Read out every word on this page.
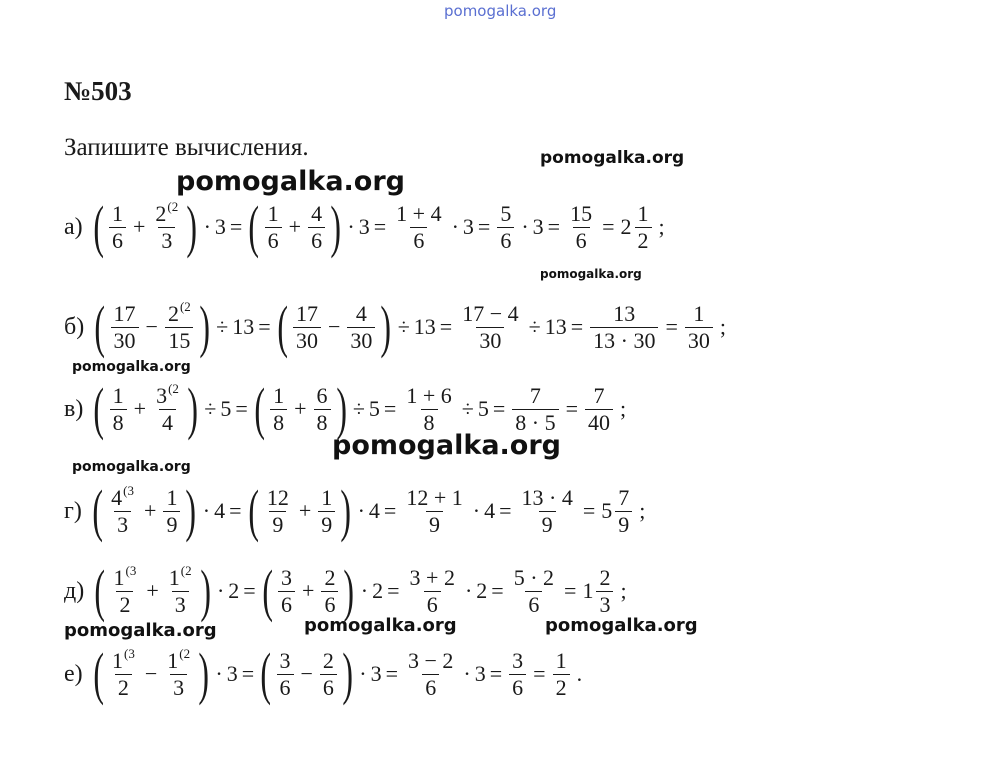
pomogalka.org
pomogalka.org
pomogalka.org
pomogalka.org
pomogalka.org
pomogalka.org
pomogalka.org
pomogalka.org	pomogalka.org	pomogalka.org
№503
Запишите вычисления.
а) ( $\frac{1}{6} + \frac{2^{(2}}{3}$ ) · 3 = ( $\frac{1}{6} + \frac{4}{6}$ ) · $3 = \frac{1 + 4}{6} \cdot 3 = \frac{5}{6} \cdot 3 = \frac{15}{6} = 2 \frac{1}{2}$ ;
б) ( $\frac{17}{30} - \frac{2^{(2}}{15}$ ) ÷ 13 = ( $\frac{17}{30} - \frac{4}{30}$ ) ÷ $13 = \frac{17 - 4}{30} \div 13 = \frac{13}{13 \cdot 30} = \frac{1}{30}$ ;
в) ( $\frac{1}{8} + \frac{3^{(2}}{4}$ ) ÷ 5 = ( $\frac{1}{8} + \frac{6}{8}$ ) ÷ $5 = \frac{1 + 6}{8} \div 5 = \frac{7}{8 \cdot 5} = \frac{7}{40}$ ;
г) ( $\frac{4^{(3}}{3} + \frac{1}{9}$ ) · 4 = ( $\frac{12}{9} + \frac{1}{9}$ ) · $4 = \frac{12 + 1}{9} \cdot 4 = \frac{13 \cdot 4}{9} = 5 \frac{7}{9}$ ;
д) ( $\frac{1^{(3}}{2} + \frac{1^{(2}}{3}$ ) · 2 = ( $\frac{3}{6} + \frac{2}{6}$ ) · $2 = \frac{3 + 2}{6} \cdot 2 = \frac{5 \cdot 2}{6} = 1 \frac{2}{3}$ ;
е) ( $\frac{1^{(3}}{2} - \frac{1^{(2}}{3}$ ) · 3 = ( $\frac{3}{6} - \frac{2}{6}$ ) · $3 = \frac{3 - 2}{6} \cdot 3 = \frac{3}{6} = \frac{1}{2}$ .
